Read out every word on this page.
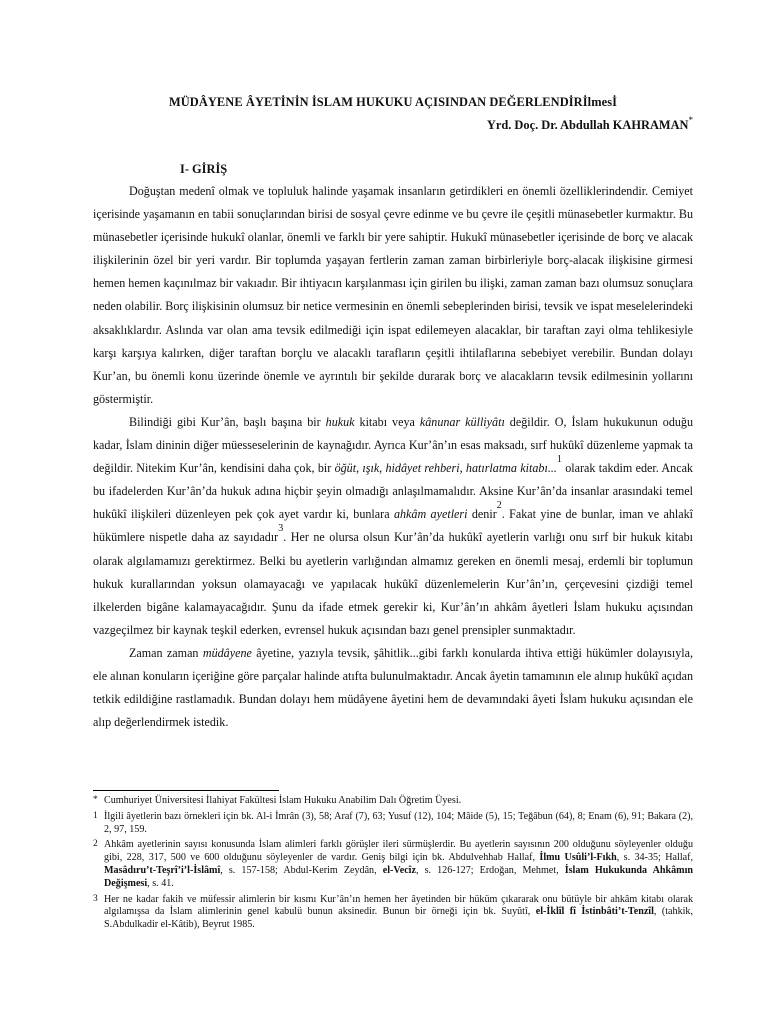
MÜDÂYENE ÂYETİNİN İSLAM HUKUKU AÇISINDAN DEĞERLENDİRİlmesİ
Yrd. Doç. Dr. Abdullah KAHRAMAN*
I- GİRİŞ

Doğuştan medenî olmak ve topluluk halinde yaşamak insanların getirdikleri en önemli özelliklerindendir. Cemiyet içerisinde yaşamanın en tabii sonuçlarından birisi de sosyal çevre edinme ve bu çevre ile çeşitli münasebetler kurmaktır. Bu münasebetler içerisinde hukukî olanlar, önemli ve farklı bir yere sahiptir. Hukukî münasebetler içerisinde de borç ve alacak ilişkilerinin özel bir yeri vardır. Bir toplumda yaşayan fertlerin zaman zaman birbirleriyle borç-alacak ilişkisine girmesi hemen hemen kaçınılmaz bir vakıadır. Bir ihtiyacın karşılanması için girilen bu ilişki, zaman zaman bazı olumsuz sonuçlara neden olabilir. Borç ilişkisinin olumsuz bir netice vermesinin en önemli sebeplerinden birisi, tevsik ve ispat meselelerindeki aksaklıklardır. Aslında var olan ama tevsik edilmediği için ispat edilemeyen alacaklar, bir taraftan zayi olma tehlikesiyle karşı karşıya kalırken, diğer taraftan borçlu ve alacaklı tarafların çeşitli ihtilaflarına sebebiyet verebilir. Bundan dolayı Kur’an, bu önemli konu üzerinde önemle ve ayrıntılı bir şekilde durarak borç ve alacakların tevsik edilmesinin yollarını göstermiştir.

Bilindiği gibi Kur’ân, başlı başına bir hukuk kitabı veya kânunar külliyâtı değildir. O, İslam hukukunun oduğu kadar, İslam dininin diğer müesseselerinin de kaynağıdır. Ayrıca Kur’ân’ın esas maksadı, sırf hukûkî düzenleme yapmak ta değildir. Nitekim Kur’ân, kendisini daha çok, bir öğüt, ışık, hidâyet rehberi, hatırlatma kitabı...$^1$ olarak takdim eder. Ancak bu ifadelerden Kur’ân’da hukuk adına hiçbir şeyin olmadığı anlaşılmamalıdır. Aksine Kur’ân’da insanlar arasındaki temel hukûkî ilişkileri düzenleyen pek çok ayet vardır ki, bunlara ahkâm ayetleri denir$^2$. Fakat yine de bunlar, iman ve ahlakî hükümlere nispetle daha az sayıdadır$^3$. Her ne olursa olsun Kur’ân’da hukûkî ayetlerin varlığı onu sırf bir hukuk kitabı olarak algılamamızı gerektirmez. Belki bu ayetlerin varlığından almamız gereken en önemli mesaj, erdemli bir toplumun hukuk kurallarından yoksun olamayacağı ve yapılacak hukûkî düzenlemelerin Kur’ân’ın, çerçevesini çizdiği temel ilkelerden bigâne kalamayacağıdır. Şunu da ifade etmek gerekir ki, Kur’ân’ın ahkâm âyetleri İslam hukuku açısından vazgeçilmez bir kaynak teşkil ederken, evrensel hukuk açısından bazı genel prensipler sunmaktadır.

Zaman zaman müdâyene âyetine, yazıyla tevsik, şâhitlik...gibi farklı konularda ihtiva ettiği hükümler dolayısıyla, ele alınan konuların içeriğine göre parçalar halinde atıfta bulunulmaktadır. Ancak âyetin tamamının ele alınıp hukûkî açıdan tetkik edildiğine rastlamadık. Bundan dolayı hem müdâyene âyetini hem de devamındaki âyeti İslam hukuku açısından ele alıp değerlendirmek istedik.

* Cumhuriyet Üniversitesi İlahiyat Fakültesi İslam Hukuku Anabilim Dalı Öğretim Üyesi.
1 İlgili âyetlerin bazı örnekleri için bk. Al-i İmrân (3), 58; Araf (7), 63; Yusuf (12), 104; Mâide (5), 15; Teğâbun (64), 8; Enam (6), 91; Bakara (2), 2, 97, 159.
2 Ahkâm ayetlerinin sayısı konusunda İslam alimleri farklı görüşler ileri sürmüşlerdir. Bu ayetlerin sayısının 200 olduğunu söyleyenler olduğu gibi, 228, 317, 500 ve 600 olduğunu söyleyenler de vardır. Geniş bilgi için bk. Abdulvehhab Hallaf, İlmu Usûli’l-Fıkh, s. 34-35; Hallaf, Masâdıru’t-Teşrî’i’l-İslâmî, s. 157-158; Abdul-Kerim Zeydân, el-Vecîz, s. 126-127; Erdoğan, Mehmet, İslam Hukukunda Ahkâmın Değişmesi, s. 41.
3 Her ne kadar fakih ve müfessir alimlerin bir kısmı Kur’ân’ın hemen her âyetinden bir hüküm çıkararak onu bütüyle bir ahkâm kitabı olarak algılamışsa da İslam alimlerinin genel kabulü bunun aksinedir. Bunun bir örneği için bk. Suyûtî, el-İklîl fî İstinbâti’t-Tenzîl, (tahkik, S.Abdulkadir el-Kâtib), Beyrut 1985.
